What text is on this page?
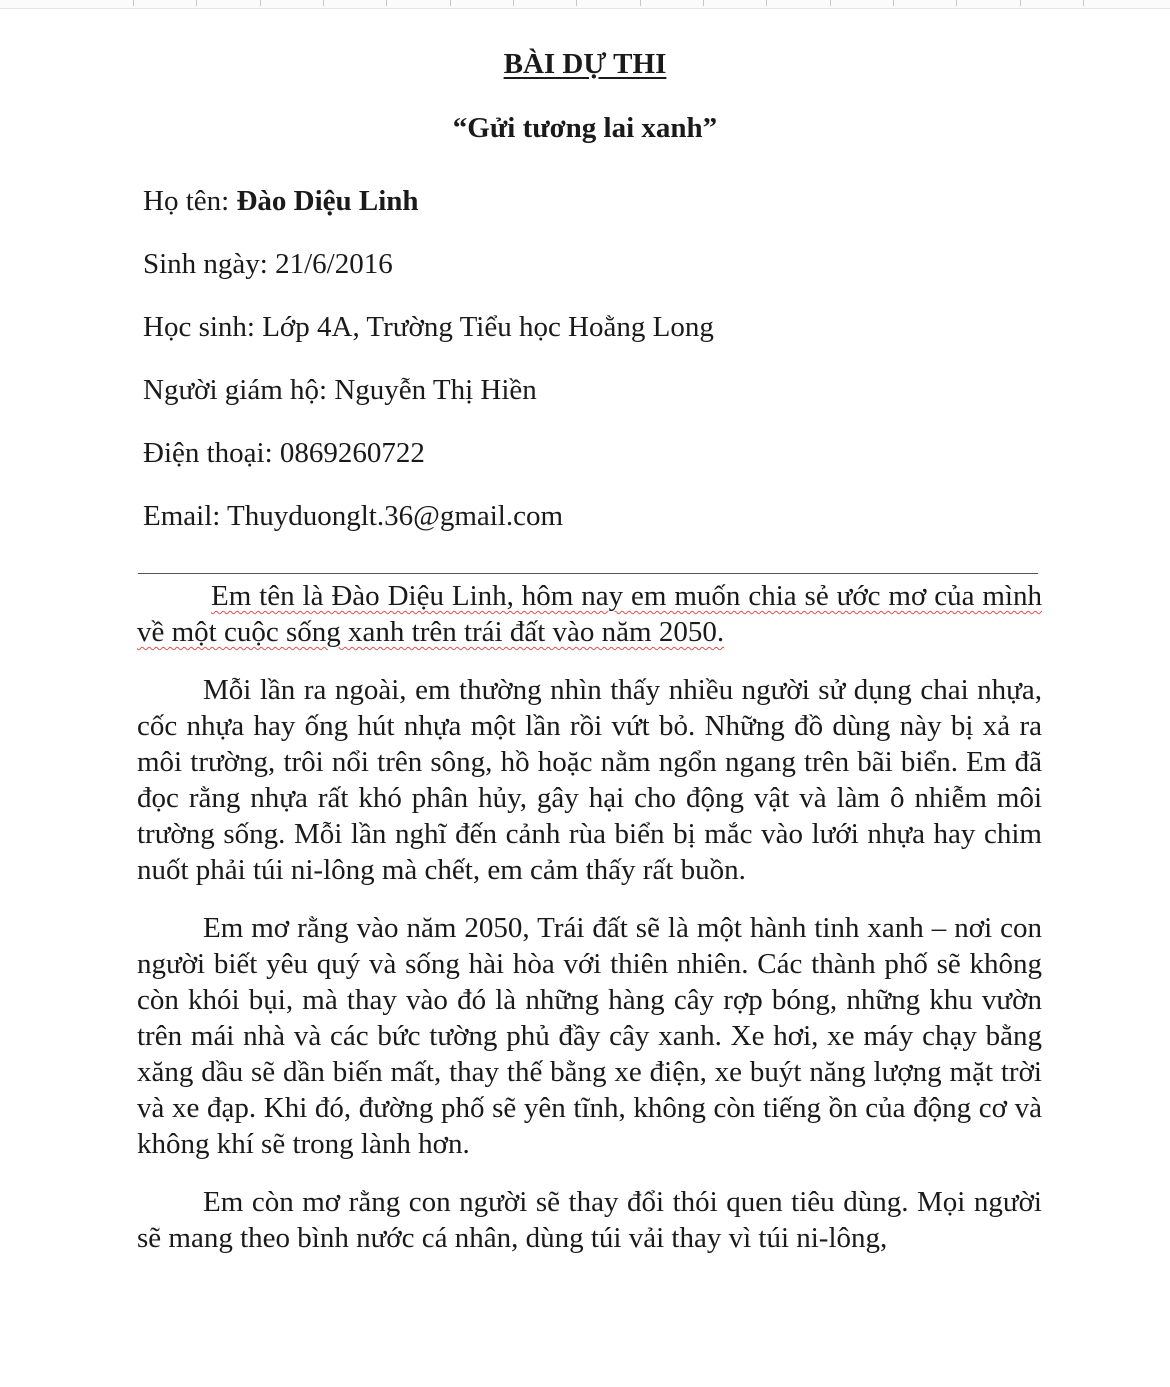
BÀI DỰ THI
“Gửi tương lai xanh”
Họ tên: Đào Diệu Linh
Sinh ngày: 21/6/2016
Học sinh: Lớp 4A, Trường Tiểu học Hoằng Long
Người giám hộ: Nguyễn Thị Hiền
Điện thoại: 0869260722
Email: Thuyduonglt.36@gmail.com

Em tên là Đào Diệu Linh, hôm nay em muốn chia sẻ ước mơ của mình về một cuộc sống xanh trên trái đất vào năm 2050.

Mỗi lần ra ngoài, em thường nhìn thấy nhiều người sử dụng chai nhựa, cốc nhựa hay ống hút nhựa một lần rồi vứt bỏ. Những đồ dùng này bị xả ra môi trường, trôi nổi trên sông, hồ hoặc nằm ngổn ngang trên bãi biển. Em đã đọc rằng nhựa rất khó phân hủy, gây hại cho động vật và làm ô nhiễm môi trường sống. Mỗi lần nghĩ đến cảnh rùa biển bị mắc vào lưới nhựa hay chim nuốt phải túi ni-lông mà chết, em cảm thấy rất buồn.

Em mơ rằng vào năm 2050, Trái đất sẽ là một hành tinh xanh – nơi con người biết yêu quý và sống hài hòa với thiên nhiên. Các thành phố sẽ không còn khói bụi, mà thay vào đó là những hàng cây rợp bóng, những khu vườn trên mái nhà và các bức tường phủ đầy cây xanh. Xe hơi, xe máy chạy bằng xăng dầu sẽ dần biến mất, thay thế bằng xe điện, xe buýt năng lượng mặt trời và xe đạp. Khi đó, đường phố sẽ yên tĩnh, không còn tiếng ồn của động cơ và không khí sẽ trong lành hơn.

Em còn mơ rằng con người sẽ thay đổi thói quen tiêu dùng. Mọi người sẽ mang theo bình nước cá nhân, dùng túi vải thay vì túi ni-lông,
